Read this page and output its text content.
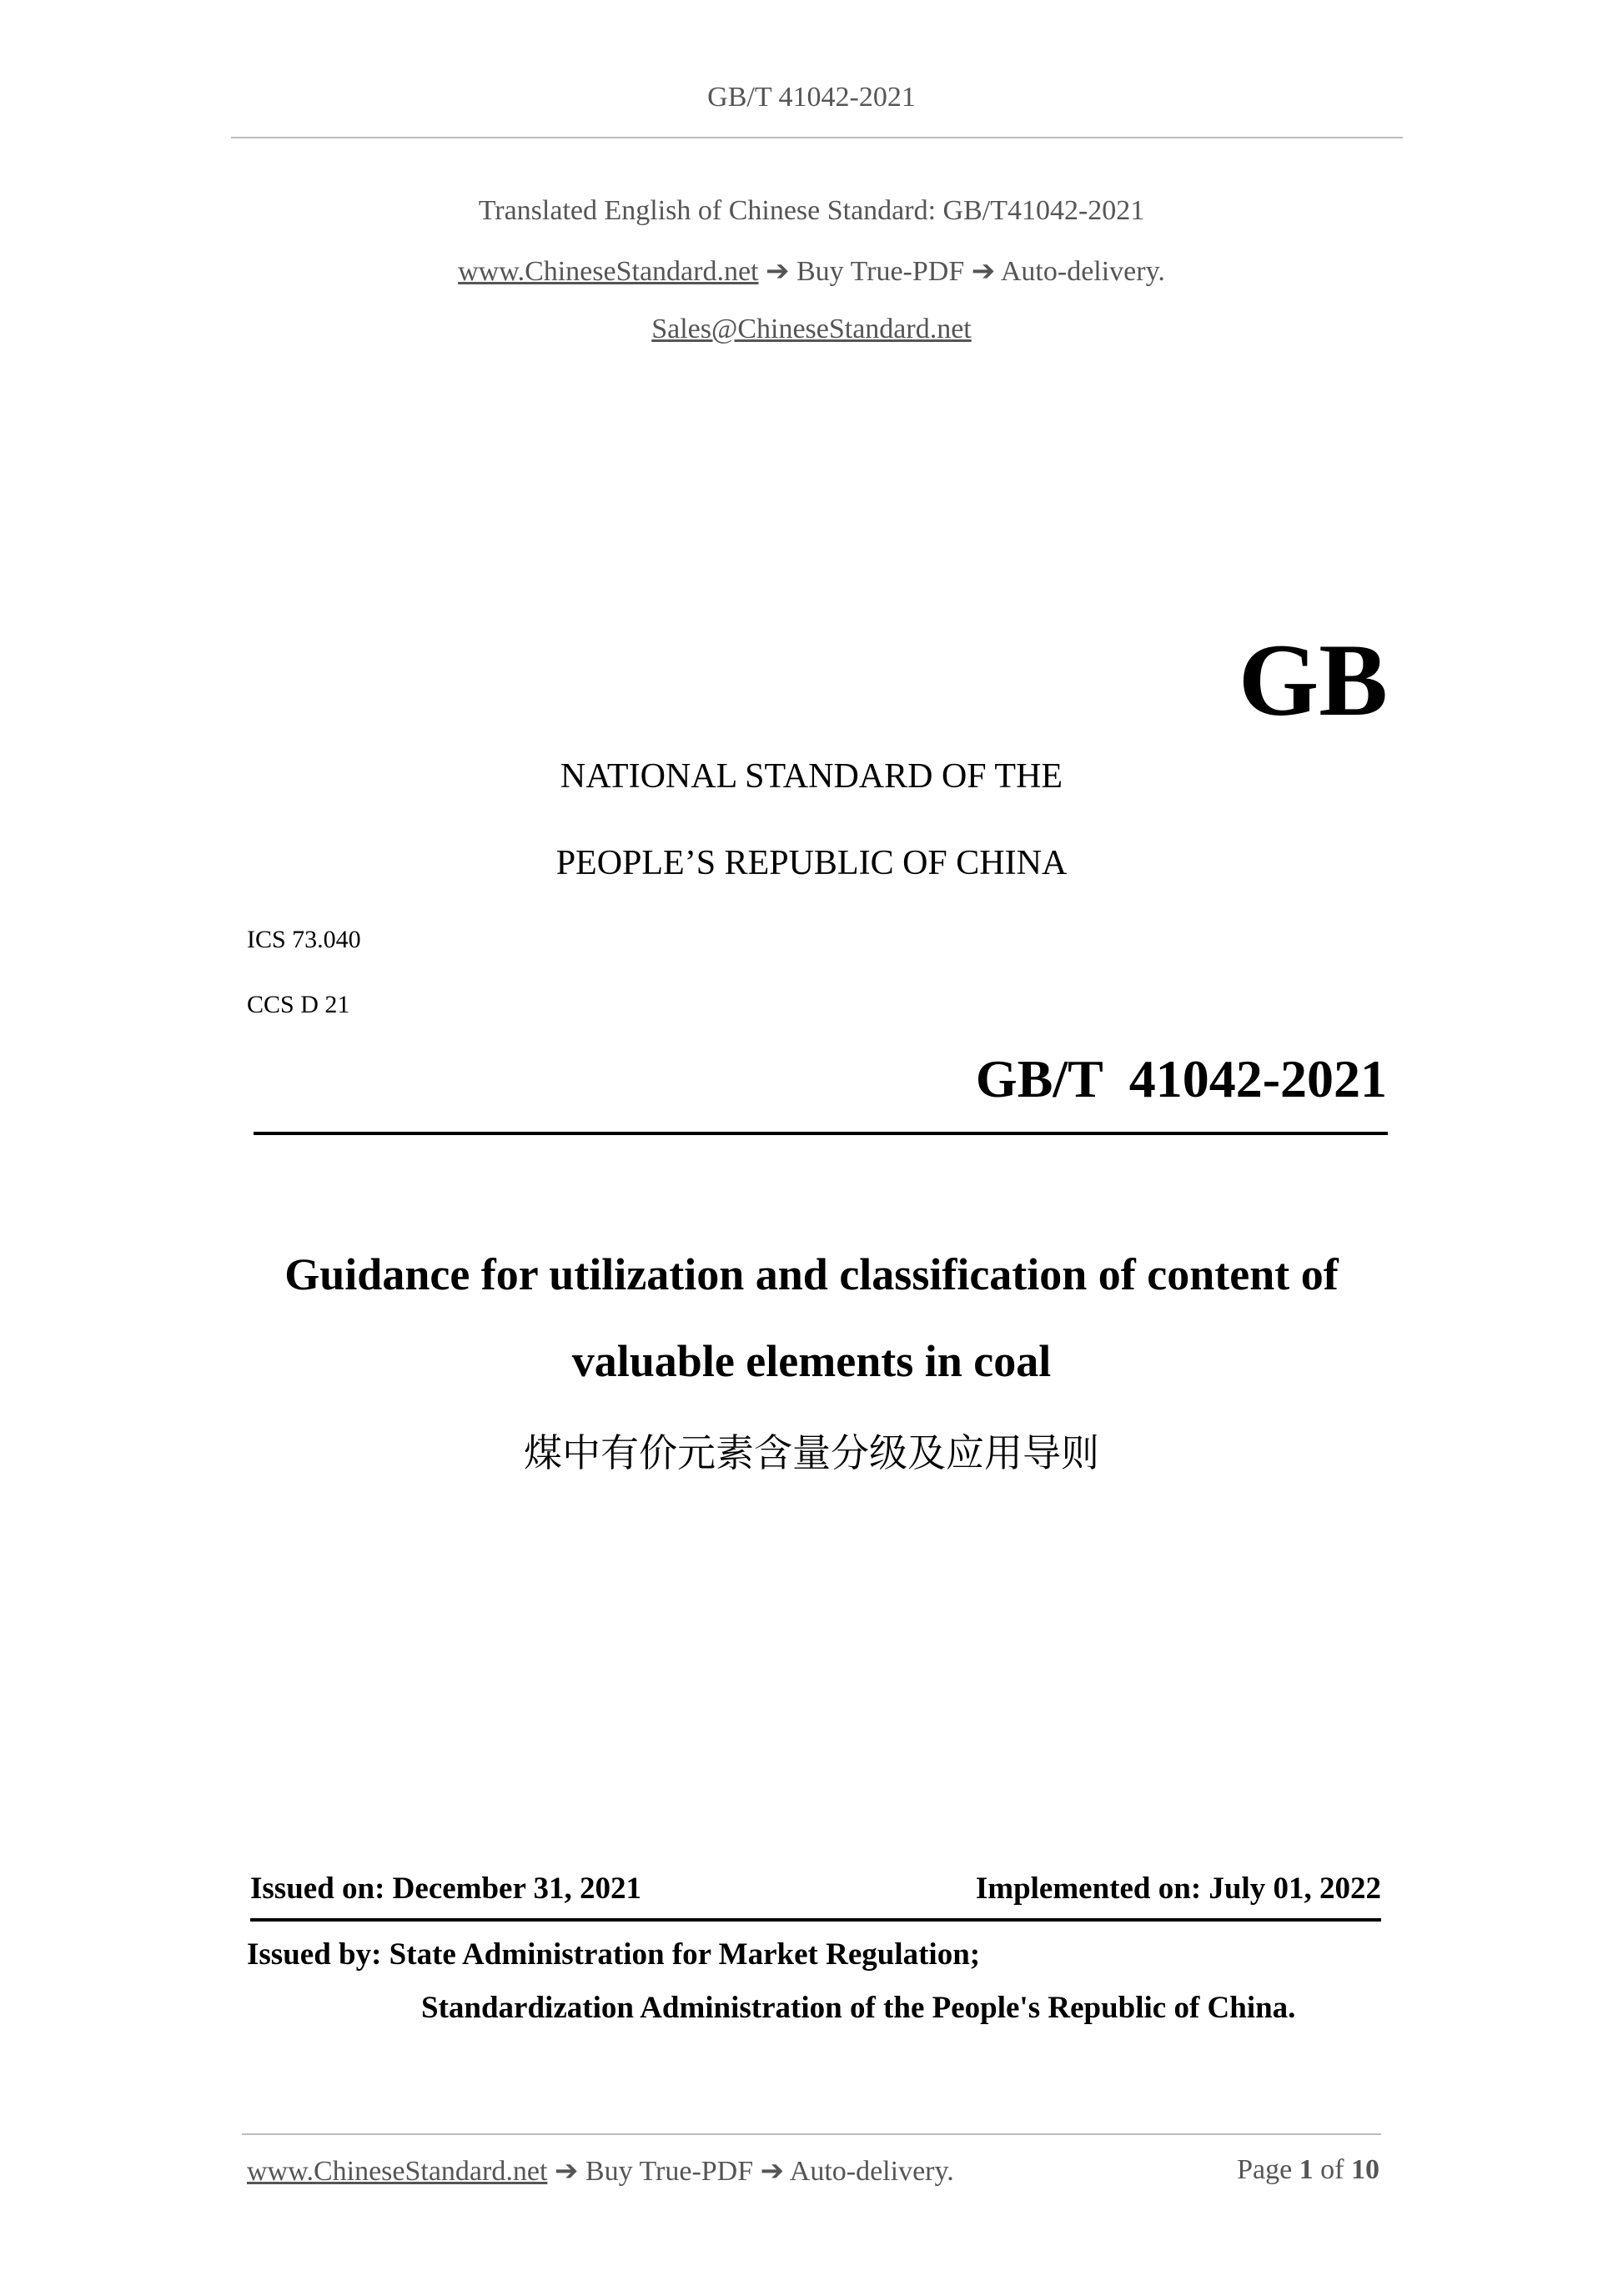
GB/T 41042-2021
Translated English of Chinese Standard: GB/T41042-2021
www.ChineseStandard.net ➔ Buy True-PDF ➔ Auto-delivery.
Sales@ChineseStandard.net
GB
NATIONAL STANDARD OF THE
PEOPLE’S REPUBLIC OF CHINA
ICS 73.040
CCS D 21
GB/T  41042-2021
Guidance for utilization and classification of content of
valuable elements in coal
煤中有价元素含量分级及应用导则
Issued on: December 31, 2021	Implemented on: July 01, 2022
Issued by: State Administration for Market Regulation;
Standardization Administration of the People's Republic of China.
www.ChineseStandard.net ➔ Buy True-PDF ➔ Auto-delivery.	Page 1 of 10
